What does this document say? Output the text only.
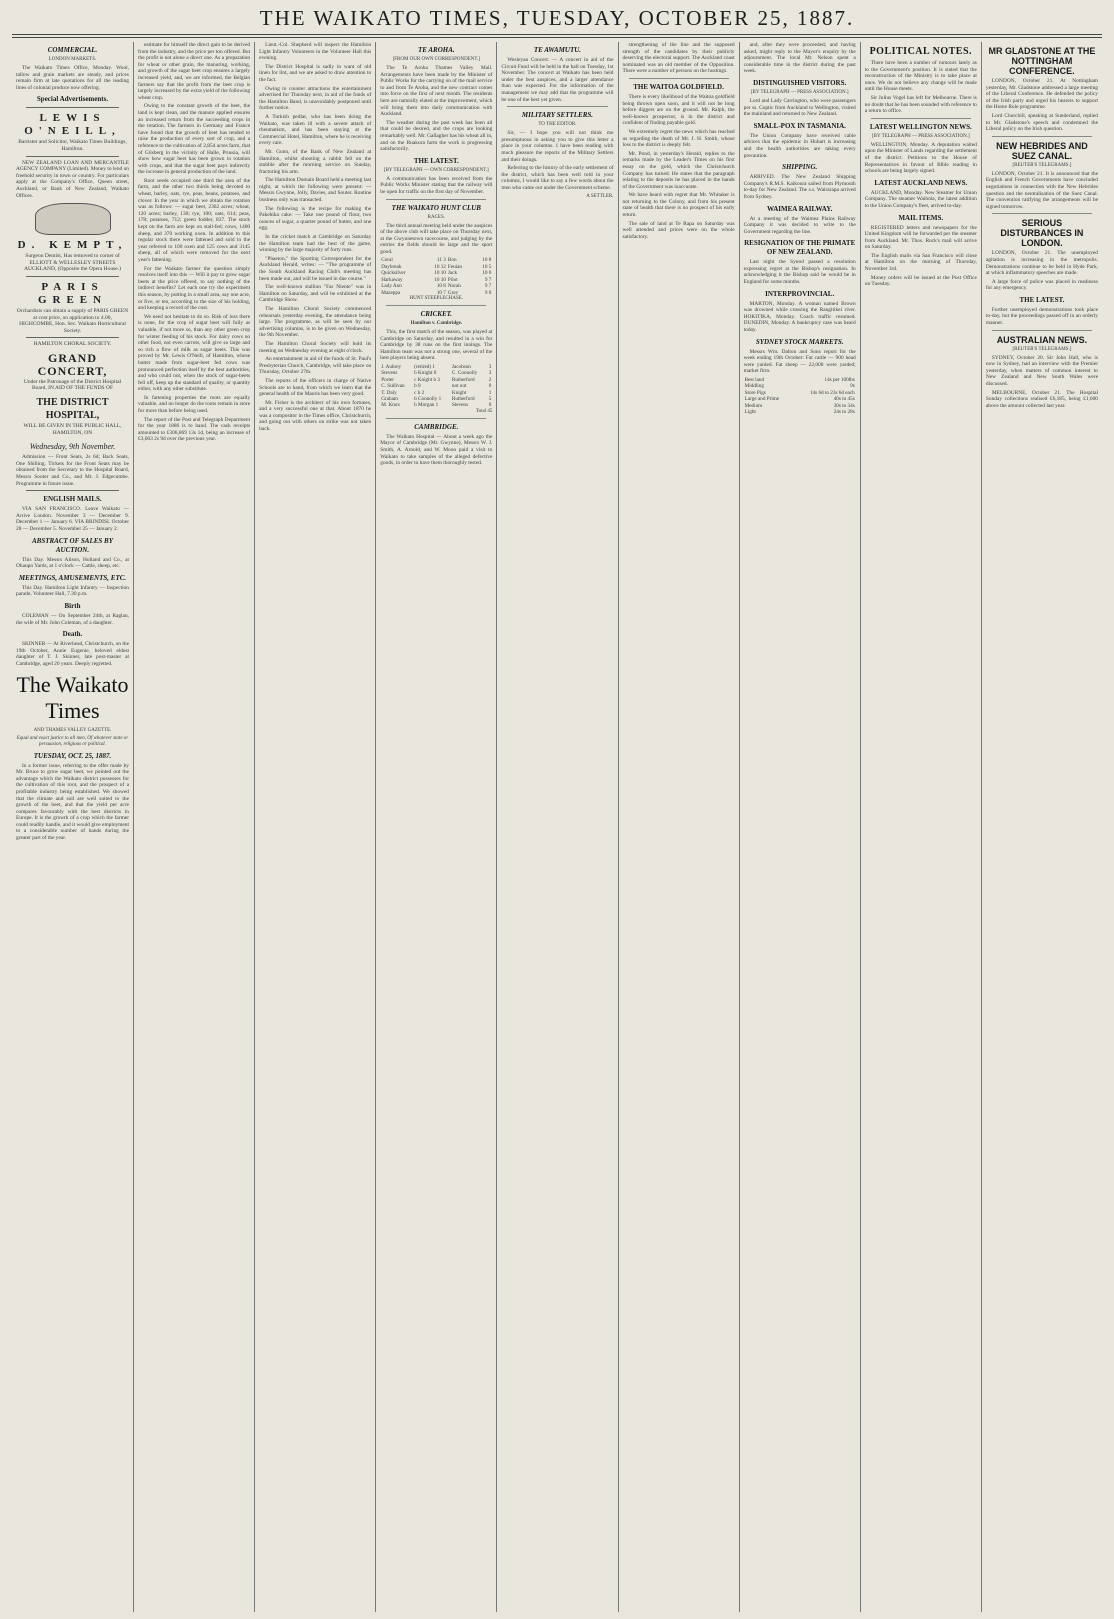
THE WAIKATO TIMES, TUESDAY, OCTOBER 25, 1887.
COMMERCIAL.
LONDON MARKETS.

The Waikato Times Office, Monday. Wool, tallow and grain markets are steady, and prices remain firm at late quotations for all the leading lines of colonial produce now offering.

Special Advertisements.
LEWIS O'NEILL,
Barrister and Solicitor, Waikato Times Buildings, Hamilton.

NEW ZEALAND LOAN AND MERCANTILE AGENCY COMPANY (Limited). Money to lend on freehold security in town or country. For particulars apply at the Company's Office, Queen street, Auckland, or Bank of New Zealand, Waikato Offices.

D. KEMPT,
Surgeon Dentist, Has removed to corner of ELLIOTT & WELLESLEY STREETS AUCKLAND, (Opposite the Opera House.)
PARIS GREEN
Orchardists can obtain a supply of PARIS GREEN at cost price, on application to 4.00, HIGHCOMBE, Hon. Sec. Waikato Horticultural Society.
HAMILTON CHORAL SOCIETY.
GRAND CONCERT,
Under the Patronage of the District Hospital Board, IN AID OF THE FUNDS OF
THE DISTRICT HOSPITAL,
WILL BE GIVEN IN THE PUBLIC HALL, HAMILTON, ON
Wednesday, 9th November.

Admission — Front Seats, 2s 6d; Back Seats, One Shilling. Tickets for the Front Seats may be obtained from the Secretary to the Hospital Board, Messrs Souter and Co., and Mr. J. Edgecumbe. Programme in future issue.

ENGLISH MAILS.

VIA SAN FRANCISCO. Leave Waikato — Arrive London. November 3 — December 9. December 1 — January 6. VIA BRINDISI. October 28 — December 5. November 25 — January 2.

ABSTRACT OF SALES BY AUCTION.

This Day. Messrs Alison, Holland and Co., at Ohaupo Yards, at 1 o'clock — Cattle, sheep, etc.

MEETINGS, AMUSEMENTS, ETC.

This Day. Hamilton Light Infantry — Inspection parade, Volunteer Hall, 7.30 p.m.

Birth

COLEMAN — On September 24th, at Raglan, the wife of Mr. John Coleman, of a daughter.

Death.

SKINNER — At Riverhead, Christchurch, on the 19th October, Annie Eugenie, beloved eldest daughter of T. J. Skinner, late post-master at Cambridge, aged 20 years. Deeply regretted.

The Waikato Times
AND THAMES VALLEY GAZETTE.
Equal and exact justice to all men, Of whatever state or persuasion, religious or political.
TUESDAY, OCT. 25, 1887.

In a former issue, referring to the offer made by Mr. Bruce to grow sugar beet, we pointed out the advantage which the Waikato district possesses for the cultivation of this root, and the prospect of a profitable industry being established. We showed that the climate and soil are well suited to the growth of the beet, and that the yield per acre compares favourably with the best districts in Europe. It is the growth of a crop which the farmer could readily handle, and it would give employment to a considerable number of hands during the greater part of the year.

estimate for himself the direct gain to be derived from the industry, and the price per ton offered. But the profit is not alone a direct one. As a preparation for wheat or other grain, the manuring, working, and growth of the sugar beet crop ensures a largely increased yield, and, we are informed, the Belgian farmers say that the profit from the beet crop is largely increased by the extra yield of the following wheat crop.

Owing to the constant growth of the beet, the land is kept clean, and the manure applied ensures an increased return from the succeeding crops in the rotation. The farmers in Germany and France have found that the growth of beet has tended to raise the production of every sort of crop, and a reference to the cultivation of 2,854 acres farm, that of Gilsberg in the vicinity of Halle, Prussia, will show how sugar beet has been grown in rotation with crops, and that the sugar beet pays indirectly the increase in general production of the land.

Root seeds occupied one third the area of the farm, and the other two thirds being devoted to wheat, barley, oats, rye, peas, beans, potatoes, and clover. In the year in which we obtain the rotation was as follows: — sugar beet, 2362 acres; wheat, 120 acres; barley, 130; rye, 100; oats, 614; peas, 178; potatoes, 712; green fodder, 837. The stock kept on the farm are kept on stall-fed; cows, 1400 sheep, and 370 working oxen. In addition to this regular stock there were fattened and sold in the year referred to 100 oxen and 125 cows and 3145 sheep, all of which were removed for the next year's fattening.

For the Waikato farmer the question simply resolves itself into this — Will it pay to grow sugar beets at the price offered, to say nothing of the indirect benefits? Let each one try the experiment this season, by putting in a small area, say one acre, or five, or ten, according to the size of his holding, and keeping a record of the cost.

We need not hesitate to do so. Risk of loss there is none, for the crop of sugar beet will fully as valuable, if not more so, than any other green crop for winter feeding of his stock. For dairy cows no other food, not even carrots, will give so large and so rich a flow of milk as sugar beets. This was proved by Mr. Lewis O'Neill, of Hamilton, whose butter made from sugar-beet fed cows was pronounced perfection itself by the best authorities, and who could not, when the stock of sugar-beets fell off, keep up the standard of quality, or quantity either, with any other substitute.

In fattening properties the roots are equally valuable, and no longer do the roots remain in store for more than before being used.

The report of the Post and Telegraph Department for the year 1886 is to hand. The cash receipts amounted to £306,869 13s 1d, being an increase of £3,063 2s 9d over the previous year.

Lieut.-Col. Shepherd will inspect the Hamilton Light Infantry Volunteers in the Volunteer Hall this evening.

The District Hospital is sadly in want of old linen for lint, and we are asked to draw attention to the fact.

Owing to counter attractions the entertainment advertised for Thursday next, in aid of the funds of the Hamilton Band, is unavoidably postponed until further notice.

A Turkish pedlar, who has been doing the Waikato, was taken ill with a severe attack of rheumatism, and has been staying at the Commercial Hotel, Hamilton, where he is receiving every care.

Mr. Gunn, of the Bank of New Zealand at Hamilton, whilst shooting a rabbit fell on the stubble after the morning service on Sunday, fracturing his arm.

The Hamilton Domain Board held a meeting last night, at which the following were present: — Messrs Gwynne, Jolly, Davies, and Souter. Routine business only was transacted.

The following is the recipe for making the Pakehika cake: — Take one pound of flour, two ounces of sugar, a quarter pound of butter, and one egg.

In the cricket match at Cambridge on Saturday the Hamilton team had the best of the game, winning by the large majority of forty runs.

"Phaeton," the Sporting Correspondent for the Auckland Herald, writes: — "The programme of the South Auckland Racing Club's meeting has been made out, and will be issued in due course."

The well-known stallion "Far Niente" was in Hamilton on Saturday, and will be exhibited at the Cambridge Show.

The Hamilton Choral Society commenced rehearsals yesterday evening, the attendance being large. The programme, as will be seen by our advertising columns, is to be given on Wednesday, the 9th November.

The Hamilton Choral Society will hold its meeting on Wednesday evening at eight o'clock.

An entertainment in aid of the funds of St. Paul's Presbyterian Church, Cambridge, will take place on Thursday, October 27th.

The reports of the officers in charge of Native Schools are to hand, from which we learn that the general health of the Maoris has been very good.

Mr. Fisher is the architect of his own fortunes, and a very successful one at that. About 1870 he was a compositor in the Times office, Christchurch, and going out with others on strike was not taken back.

TE AROHA.
[FROM OUR OWN CORRESPONDENT.]

The Te Aroha Thames Valley Mail. Arrangements have been made by the Minister of Public Works for the carrying on of the mail service to and from Te Aroha, and the new contract comes into force on the first of next month. The residents here are naturally elated at the improvement, which will bring them into daily communication with Auckland.

The weather during the past week has been all that could be desired, and the crops are looking remarkably well. Mr. Gallagher has his wheat all in, and on the Ruakura farm the work is progressing satisfactorily.

THE LATEST.
[BY TELEGRAPH — OWN CORRESPONDENT.]

A communication has been received from the Public Works Minister stating that the railway will be open for traffic on the first day of November.

THE WAIKATO HUNT CLUB
RACES.

The third annual meeting held under the auspices of the above club will take place on Thursday next, at the Gwynnetown racecourse, and judging by the entries the fields should be large and the sport good.

Coral	11 3	Bon	10 8
Daybreak	10 12	Fenian	10 5
Quicksilver	10 10	Jack	10 0
Harkaway	10 10	Pilot	9 7
Lady Ann	10 8	Norah	9 7
Mazeppa	10 7	Grey	9 0
HUNT STEEPLECHASE.
CRICKET.
Hamilton v. Cambridge.

This, the first match of the season, was played at Cambridge on Saturday, and resulted in a win for Cambridge by 38 runs on the first innings. The Hamilton team was not a strong one, several of the best players being absent.

J. Aubrey	(retired) 1	Jacobson	3
Stevens	b Knight 0	C. Connolly	3
Porter	c Knight b 3	Rutherford	2
C. Sullivan	b 0	not out	0
T. Daly	c b 2	Knight	1
Graham	b Connolly 1	Rutherford	5
M. Knox	b Morgan 1	Stevens	0
Total 45
CAMBRIDGE.

The Waikato Hospital — About a week ago the Mayor of Cambridge (Mr. Gwynne), Messrs W. J. Smith, A. Arnold, and W. Moon paid a visit to Waikato to take samples of the alleged defective goods, in order to have them thoroughly tested.

TE AWAMUTU.

Wesleyan Concert. — A concert in aid of the Circuit Fund will be held in the hall on Tuesday, 1st November. The concert at Waikato has been held under the best auspices, and a larger attendance than was expected. For the information of the management we may add that the programme will be one of the best yet given.

MILITARY SETTLERS.
TO THE EDITOR.

Sir, — I hope you will not think me presumptuous in asking you to give this letter a place in your columns. I have been reading with much pleasure the reports of the Military Settlers and their doings.

Referring to the history of the early settlement of the district, which has been well told in your columns, I would like to say a few words about the men who came out under the Government scheme.

A SETTLER.

strengthening of the line and the supposed strength of the candidates by their publicly deserving the electoral support. The Auckland coast nominated was an old member of the Opposition. There were a number of persons on the hustings.

THE WAITOA GOLDFIELD.

There is every likelihood of the Waitoa goldfield being thrown open soon, and it will not be long before diggers are on the ground. Mr. Ralph, the well-known prospector, is in the district and confident of finding payable gold.

We extremely regret the news which has reached us regarding the death of Mr. J. H. Smith, whose loss to the district is deeply felt.

Mr. Pond, in yesterday's Herald, replies to the remarks made by the Leader's Times on his first essay on the gold, which the Christchurch Company has turned. He states that the paragraph relating to the deposits he has placed in the hands of the Government was inaccurate.

We have heard with regret that Mr. Whitaker is not returning to the Colony, and from his present state of health that there is no prospect of his early return.

The sale of land at Te Rapa on Saturday was well attended and prices were on the whole satisfactory.

and, after they were proceeded; and having asked, might reply to the Mayor's enquiry by the adjournment. The local Mr. Nelson spent a considerable time in the district during the past week.

DISTINGUISHED VISITORS.
[BY TELEGRAPH — PRESS ASSOCIATION.]

Lord and Lady Carrington, who were passengers per ss. Coptic from Auckland to Wellington, visited the mainland and returned to New Zealand.

SMALL-POX IN TASMANIA.

The Union Company have received cable advices that the epidemic in Hobart is increasing and the health authorities are taking every precaution.

SHIPPING.

ARRIVED. The New Zealand Shipping Company's R.M.S. Kaikoura sailed from Plymouth to-day for New Zealand. The s.s. Wairarapa arrived from Sydney.

WAIMEA RAILWAY.

At a meeting of the Waimea Plains Railway Company it was decided to write to the Government regarding the line.

RESIGNATION OF THE PRIMATE OF NEW ZEALAND.

Last night the Synod passed a resolution expressing regret at the Bishop's resignation. In acknowledging it the Bishop said he would be in England for some months.

INTERPROVINCIAL.

MARTON, Monday. A woman named Brown was drowned while crossing the Rangitikei river. HOKITIKA, Monday. Coach traffic resumed. DUNEDIN, Monday. A bankruptcy case was heard today.

SYDNEY STOCK MARKETS.

Messrs Wm. Dalton and Sons report for the week ending 19th October: Fat cattle — 900 head were yarded. Fat sheep — 22,000 were yarded; market firm.

Best land	14s per 100lbs
Middling	9s
Store Pigs	14s 6d to 23s 6d each
Large and Prime	40s to 45s
Medium	30s to 34s
Light	24s to 28s
POLITICAL NOTES.

There have been a number of rumours lately as to the Government's position. It is stated that the reconstruction of the Ministry is to take place at once. We do not believe any change will be made until the House meets.

Sir Julius Vogel has left for Melbourne. There is no doubt that he has been sounded with reference to a return to office.

LATEST WELLINGTON NEWS.
[BY TELEGRAPH — PRESS ASSOCIATION.]

WELLINGTON, Monday. A deputation waited upon the Minister of Lands regarding the settlement of the district. Petitions to the House of Representatives in favour of Bible reading in schools are being largely signed.

LATEST AUCKLAND NEWS.

AUCKLAND, Monday. New Steamer for Union Company. The steamer Waihola, the latest addition to the Union Company's fleet, arrived to-day.

MAIL ITEMS.

REGISTERED letters and newspapers for the United Kingdom will be forwarded per the steamer from Auckland. Mr. Thos. Ruck's mail will arrive on Saturday.

The English mails via San Francisco will close at Hamilton on the morning of Thursday, November 3rd.

Money orders will be issued at the Post Office on Tuesday.

MR GLADSTONE AT THE NOTTINGHAM CONFERENCE.

LONDON, October 21. At Nottingham yesterday, Mr. Gladstone addressed a large meeting of the Liberal Conference. He defended the policy of the Irish party and urged his hearers to support the Home Rule programme.

Lord Churchill, speaking at Sunderland, replied to Mr. Gladstone's speech and condemned the Liberal policy on the Irish question.

NEW HEBRIDES AND SUEZ CANAL.
[REUTER'S TELEGRAMS.]

LONDON, October 21. It is announced that the English and French Governments have concluded negotiations in connection with the New Hebrides question and the neutralisation of the Suez Canal. The convention ratifying the arrangements will be signed tomorrow.

SERIOUS DISTURBANCES IN LONDON.

LONDON, October 21. The unemployed agitation is increasing in the metropolis. Demonstrations continue to be held in Hyde Park, at which inflammatory speeches are made.

A large force of police was placed in readiness for any emergency.

THE LATEST.

Further unemployed demonstrations took place to-day, but the proceedings passed off in an orderly manner.

AUSTRALIAN NEWS.
[REUTER'S TELEGRAMS.]

SYDNEY, October 20. Sir John Hall, who is now in Sydney, had an interview with the Premier yesterday, when matters of common interest to New Zealand and New South Wales were discussed.

MELBOURNE, October 21. The Hospital Sunday collections realised £6,185, being £1,600 above the amount collected last year.
